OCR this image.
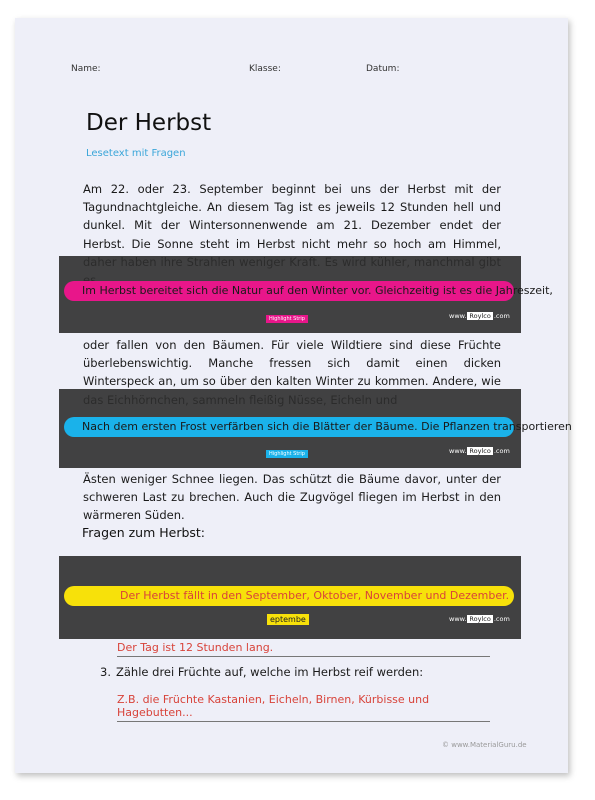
Name:	Klasse:	Datum:
Der Herbst
Lesetext mit Fragen
Am 22. oder 23. September beginnt bei uns der Herbst mit der Tagundnachtgleiche. An diesem Tag ist es jeweils 12 Stunden hell und dunkel. Mit der Wintersonnenwende am 21. Dezember endet der Herbst. Die Sonne steht im Herbst nicht mehr so hoch am Himmel,
Im Herbst bereitet sich die Natur auf den Winter vor. Gleichzeitig ist es die Jahreszeit,
Highlight Strip	www. Roylco .com
oder fallen von den Bäumen. Für viele Wildtiere sind diese Früchte überlebenswichtig. Manche fressen sich damit einen dicken Winterspeck an, um so über den kalten Winter zu kommen. Andere, wie
Nach dem ersten Frost verfärben sich die Blätter der Bäume. Die Pflanzen transportieren
Highlight Strip	www. Roylco .com
Ästen weniger Schnee liegen. Das schützt die Bäume davor, unter der schweren Last zu brechen. Auch die Zugvögel fliegen im Herbst in den wärmeren Süden.
Fragen zum Herbst:
Der Herbst fällt in den September, Oktober, November und Dezember.
eptembe	www. Roylco .com
Der Tag ist 12 Stunden lang.
3. Zähle drei Früchte auf, welche im Herbst reif werden:
Z.B. die Früchte Kastanien, Eicheln, Birnen, Kürbisse und Hagebutten...
© www.MaterialGuru.de
